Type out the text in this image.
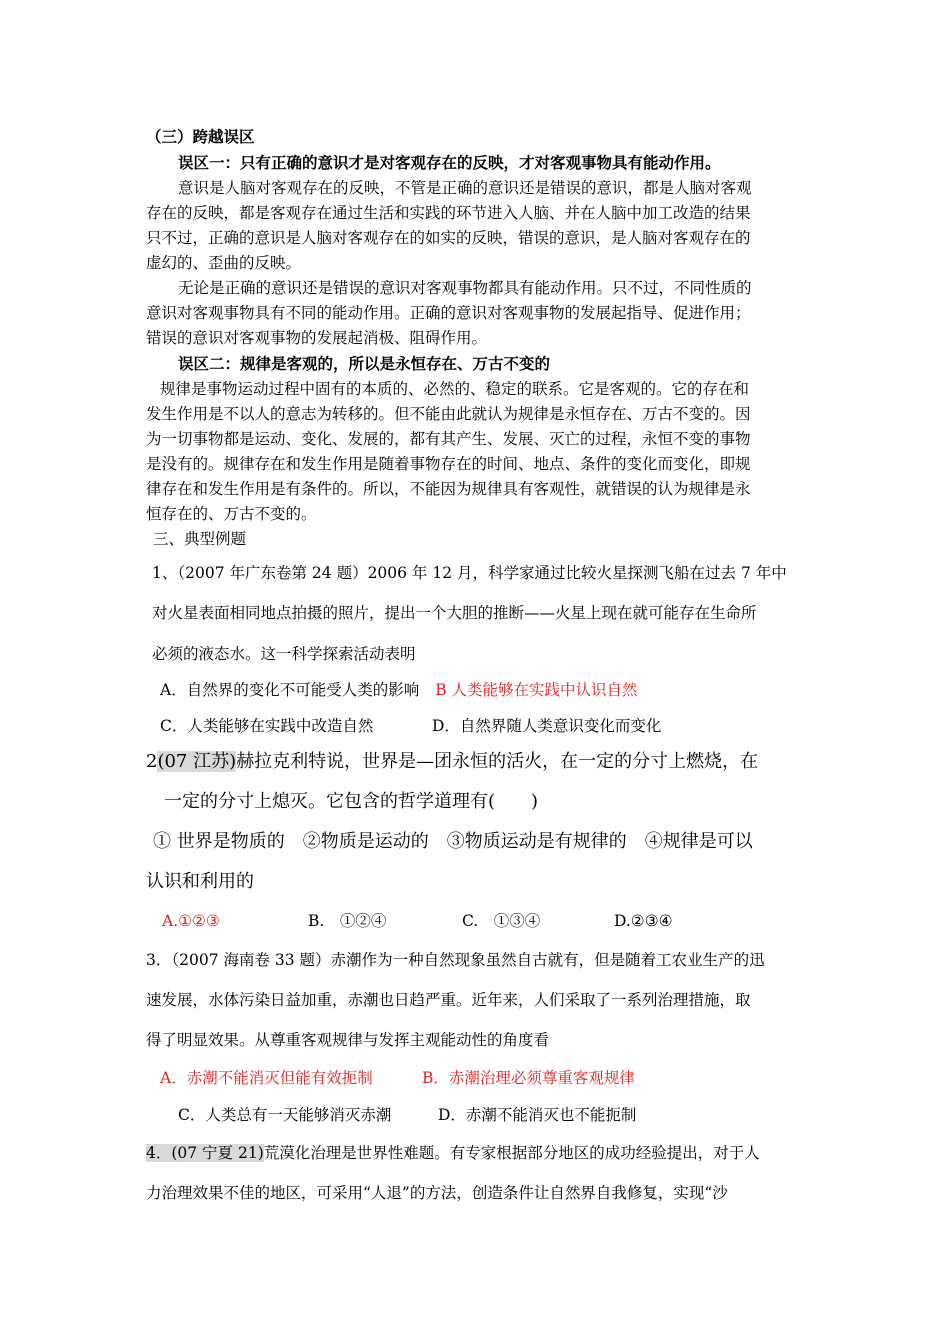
（三）跨越误区
误区一：只有正确的意识才是对客观存在的反映，才对客观事物具有能动作用。
意识是人脑对客观存在的反映，不管是正确的意识还是错误的意识，都是人脑对客观
存在的反映，都是客观存在通过生活和实践的环节进入人脑、并在人脑中加工改造的结果
只不过，正确的意识是人脑对客观存在的如实的反映，错误的意识，是人脑对客观存在的
虚幻的、歪曲的反映。
无论是正确的意识还是错误的意识对客观事物都具有能动作用。只不过，不同性质的
意识对客观事物具有不同的能动作用。正确的意识对客观事物的发展起指导、促进作用；
错误的意识对客观事物的发展起消极、阻碍作用。
误区二：规律是客观的，所以是永恒存在、万古不变的
规律是事物运动过程中固有的本质的、必然的、稳定的联系。它是客观的。它的存在和
发生作用是不以人的意志为转移的。但不能由此就认为规律是永恒存在、万古不变的。因
为一切事物都是运动、变化、发展的，都有其产生、发展、灭亡的过程，永恒不变的事物
是没有的。规律存在和发生作用是随着事物存在的时间、地点、条件的变化而变化，即规
律存在和发生作用是有条件的。所以，不能因为规律具有客观性，就错误的认为规律是永
恒存在的、万古不变的。
三、典型例题
1、（2007 年广东卷第 24 题）2006 年 12 月，科学家通过比较火星探测飞船在过去 7 年中
对火星表面相同地点拍摄的照片，提出一个大胆的推断——火星上现在就可能存在生命所
必须的液态水。这一科学探索活动表明
A．自然界的变化不可能受人类的影响 B 人类能够在实践中认识自然
C．人类能够在实践中改造自然	D．自然界随人类意识变化而变化
2(07 江苏)赫拉克利特说，世界是—团永恒的活火，在一定的分寸上燃烧，在
一定的分寸上熄灭。它包含的哲学道理有(　　)
① 世界是物质的　②物质是运动的　③物质运动是有规律的　④规律是可以
认识和利用的
A.①②③	B.　①②④	C.　①③④	D.②③④
3．（2007 海南卷 33 题）赤潮作为一种自然现象虽然自古就有，但是随着工农业生产的迅
速发展，水体污染日益加重，赤潮也日趋严重。近年来，人们采取了一系列治理措施，取
得了明显效果。从尊重客观规律与发挥主观能动性的角度看
A．赤潮不能消灭但能有效扼制	B．赤潮治理必须尊重客观规律
C．人类总有一天能够消灭赤潮	D．赤潮不能消灭也不能扼制
4．(07 宁夏 21)荒漠化治理是世界性难题。有专家根据部分地区的成功经验提出，对于人
力治理效果不佳的地区，可采用“人退”的方法，创造条件让自然界自我修复，实现“沙
